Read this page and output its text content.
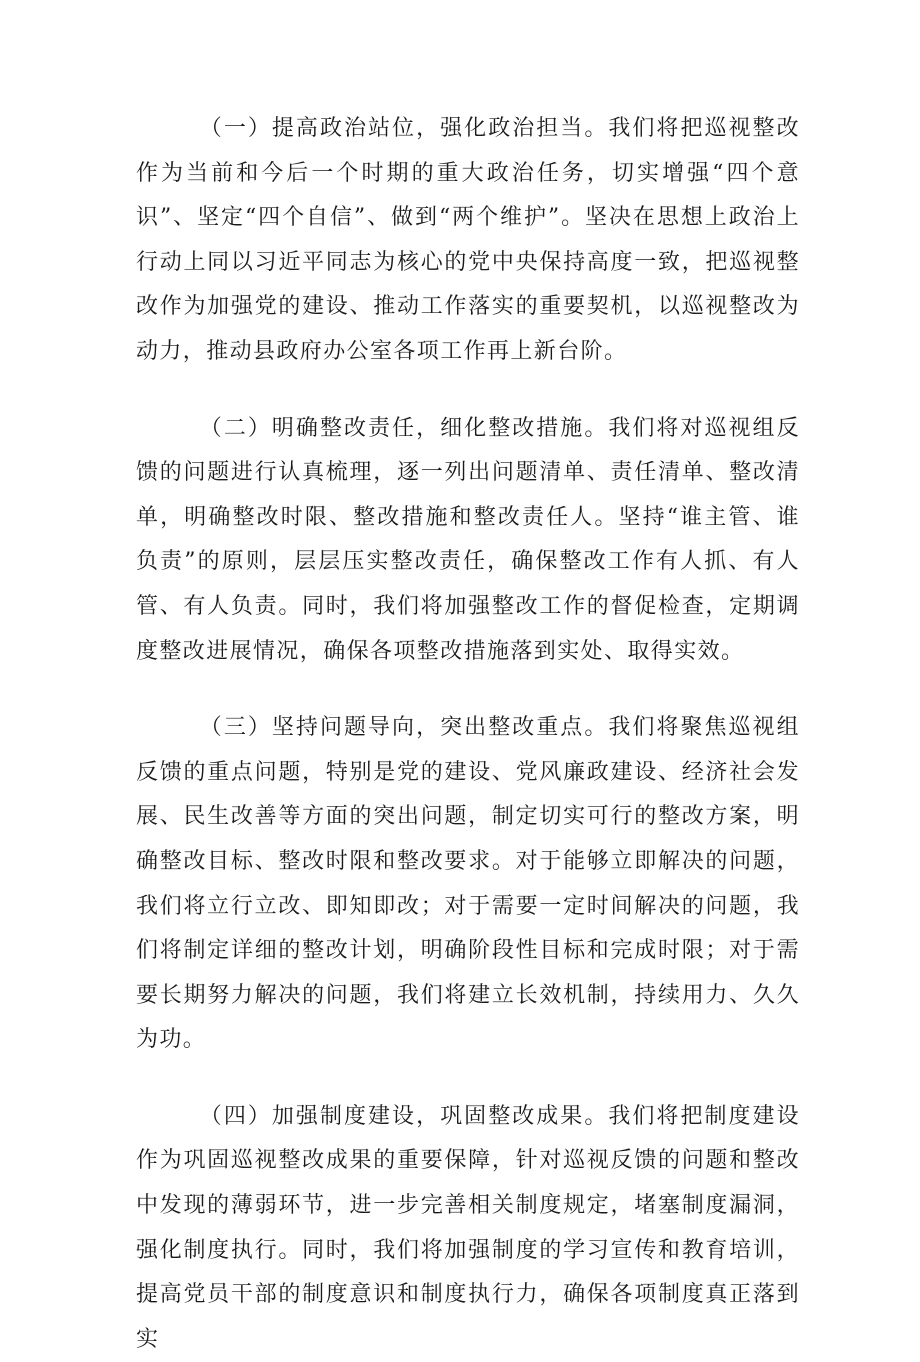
（一）提高政治站位，强化政治担当。我们将把巡视整改作为当前和今后一个时期的重大政治任务，切实增强“四个意识”、坚定“四个自信”、做到“两个维护”。坚决在思想上政治上行动上同以习近平同志为核心的党中央保持高度一致，把巡视整改作为加强党的建设、推动工作落实的重要契机，以巡视整改为动力，推动县政府办公室各项工作再上新台阶。

（二）明确整改责任，细化整改措施。我们将对巡视组反馈的问题进行认真梳理，逐一列出问题清单、责任清单、整改清单，明确整改时限、整改措施和整改责任人。坚持“谁主管、谁负责”的原则，层层压实整改责任，确保整改工作有人抓、有人管、有人负责。同时，我们将加强整改工作的督促检查，定期调度整改进展情况，确保各项整改措施落到实处、取得实效。

（三）坚持问题导向，突出整改重点。我们将聚焦巡视组反馈的重点问题，特别是党的建设、党风廉政建设、经济社会发展、民生改善等方面的突出问题，制定切实可行的整改方案，明确整改目标、整改时限和整改要求。对于能够立即解决的问题，我们将立行立改、即知即改；对于需要一定时间解决的问题，我们将制定详细的整改计划，明确阶段性目标和完成时限；对于需要长期努力解决的问题，我们将建立长效机制，持续用力、久久为功。

（四）加强制度建设，巩固整改成果。我们将把制度建设作为巩固巡视整改成果的重要保障，针对巡视反馈的问题和整改中发现的薄弱环节，进一步完善相关制度规定，堵塞制度漏洞，强化制度执行。同时，我们将加强制度的学习宣传和教育培训，提高党员干部的制度意识和制度执行力，确保各项制度真正落到实
